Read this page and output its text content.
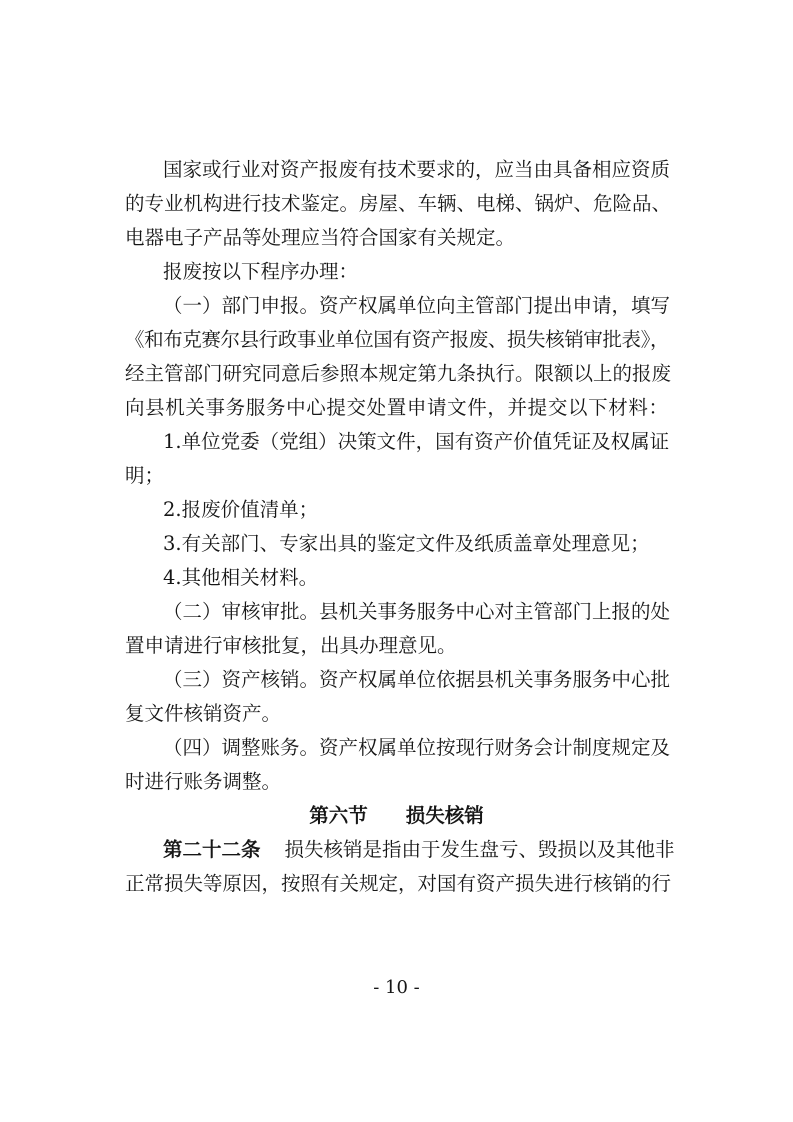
国家或行业对资产报废有技术要求的，应当由具备相应资质
的专业机构进行技术鉴定。房屋、车辆、电梯、锅炉、危险品、
电器电子产品等处理应当符合国家有关规定。
报废按以下程序办理：
（一）部门申报。资产权属单位向主管部门提出申请，填写
《和布克赛尔县行政事业单位国有资产报废、损失核销审批表》，
经主管部门研究同意后参照本规定第九条执行。限额以上的报废
向县机关事务服务中心提交处置申请文件，并提交以下材料：
1.单位党委（党组）决策文件，国有资产价值凭证及权属证
明；
2.报废价值清单；
3.有关部门、专家出具的鉴定文件及纸质盖章处理意见；
4.其他相关材料。
（二）审核审批。县机关事务服务中心对主管部门上报的处
置申请进行审核批复，出具办理意见。
（三）资产核销。资产权属单位依据县机关事务服务中心批
复文件核销资产。
（四）调整账务。资产权属单位按现行财务会计制度规定及
时进行账务调整。
第六节 损失核销
第二十二条 损失核销是指由于发生盘亏、毁损以及其他非
正常损失等原因，按照有关规定，对国有资产损失进行核销的行
- 10 -
